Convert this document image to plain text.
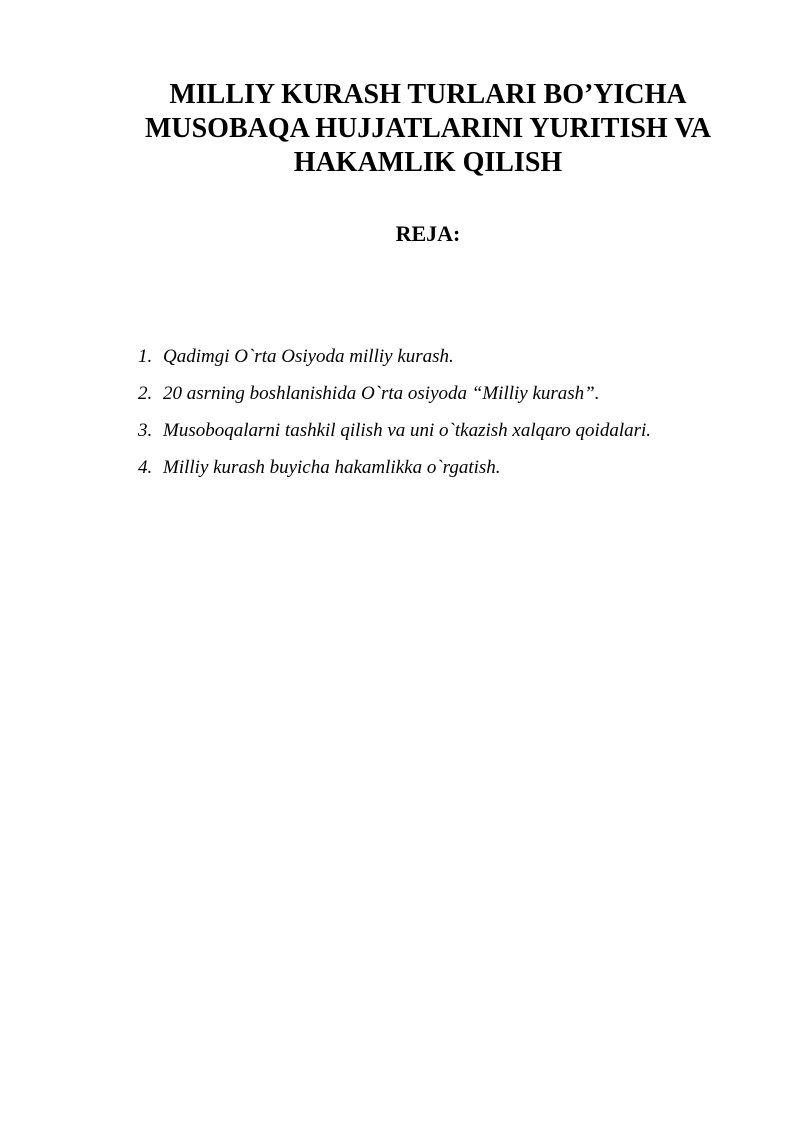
MILLIY KURASH TURLARI BO’YICHA
MUSOBAQA HUJJATLARINI YURITISH VA
HAKAMLIK QILISH
REJA:
1. Qadimgi O`rta Osiyoda milliy kurash.
2. 20 asrning boshlanishida O`rta osiyoda “Milliy kurash”.
3. Musoboqalarni tashkil qilish va uni o`tkazish xalqaro qoidalari.
4. Milliy kurash buyicha hakamlikka o`rgatish.
